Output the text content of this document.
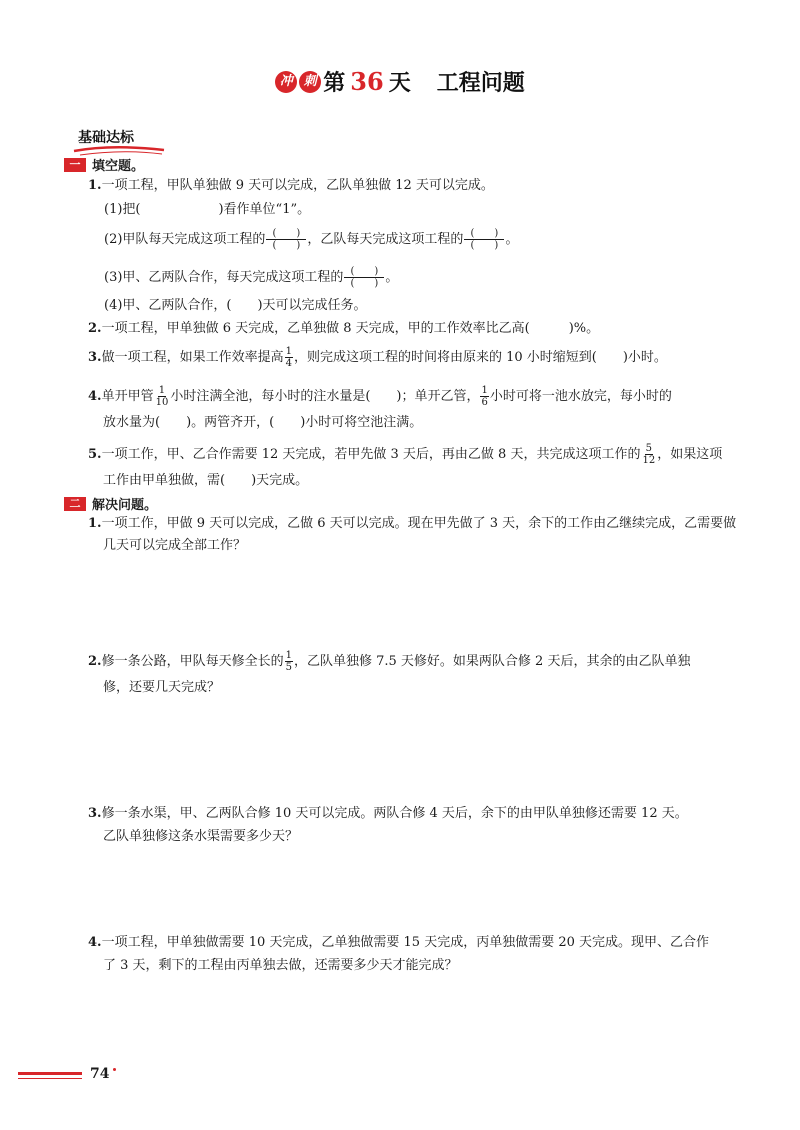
冲 刺 第 36 天 工程问题
基础达标
一 填空题。
1.一项工程，甲队单独做 9 天可以完成，乙队单独做 12 天可以完成。
(1)把(　　　　　　)看作单位“1”。
(2)甲队每天完成这项工程的 $\frac{( )}{( )}$ ，乙队每天完成这项工程的 $\frac{( )}{( )}$ 。
(3)甲、乙两队合作，每天完成这项工程的 $\frac{( )}{( )}$ 。
(4)甲、乙两队合作，(　　)天可以完成任务。
2.一项工程，甲单独做 6 天完成，乙单独做 8 天完成，甲的工作效率比乙高(　　　)%。
3.做一项工程，如果工作效率提高 $\frac{1}{4}$ ，则完成这项工程的时间将由原来的 10 小时缩短到(　　)小时。
4.单开甲管 $\frac{1}{10}$ 小时注满全池，每小时的注水量是(　　)；单开乙管， $\frac{1}{6}$ 小时可将一池水放完，每小时的
放水量为(　　)。两管齐开，(　　)小时可将空池注满。
5.一项工作，甲、乙合作需要 12 天完成，若甲先做 3 天后，再由乙做 8 天，共完成这项工作的 $\frac{5}{12}$ ，如果这项
工作由甲单独做，需(　　)天完成。
二 解决问题。
1.一项工作，甲做 9 天可以完成，乙做 6 天可以完成。现在甲先做了 3 天，余下的工作由乙继续完成，乙需要做
几天可以完成全部工作？
2.修一条公路，甲队每天修全长的 $\frac{1}{5}$ ，乙队单独修 7.5 天修好。如果两队合修 2 天后，其余的由乙队单独
修，还要几天完成？
3.修一条水渠，甲、乙两队合修 10 天可以完成。两队合修 4 天后，余下的由甲队单独修还需要 12 天。
乙队单独修这条水渠需要多少天？
4.一项工程，甲单独做需要 10 天完成，乙单独做需要 15 天完成，丙单独做需要 20 天完成。现甲、乙合作
了 3 天，剩下的工程由丙单独去做，还需要多少天才能完成？
74
